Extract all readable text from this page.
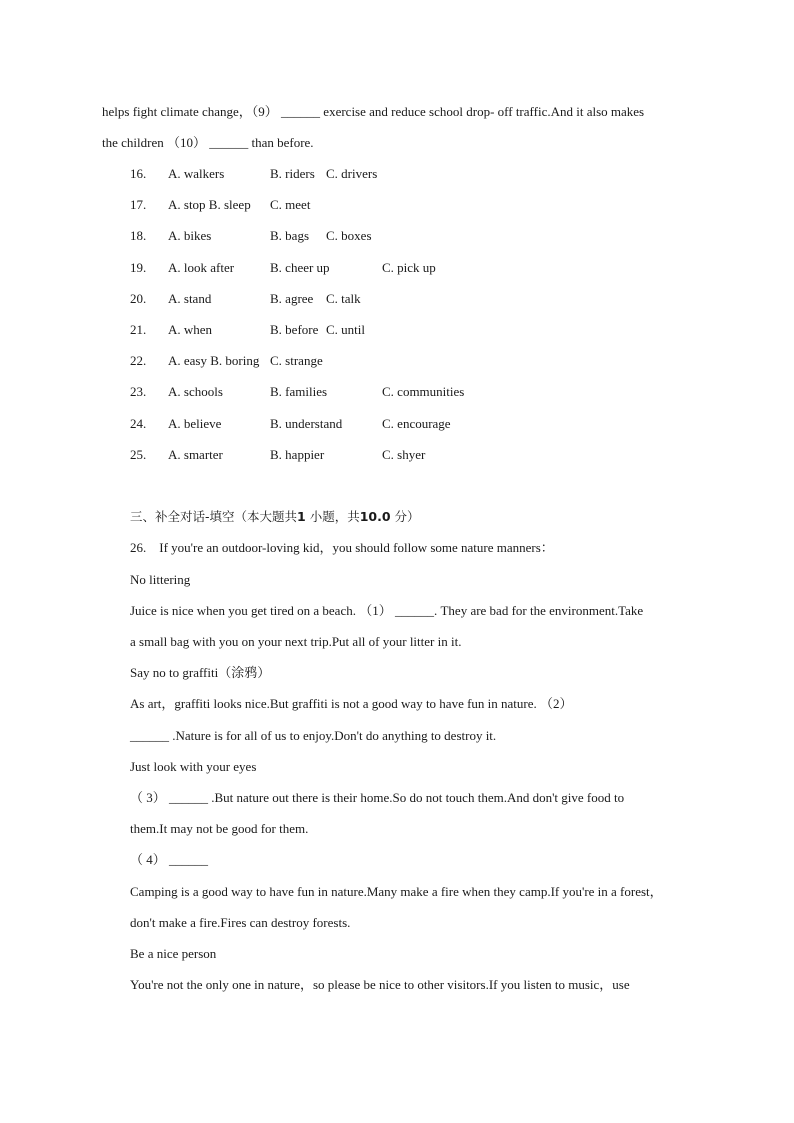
helps fight climate change，（9） ______ exercise and reduce school drop- off traffic.And it also makes
the children （10） ______ than before.
16. A. walkers	B. riders C. drivers
17. A. stop B. sleep C. meet
18. A. bikes	B. bags C. boxes
19. A. look after	B. cheer up	C. pick up
20. A. stand	B. agree C. talk
21. A. when	B. before C. until
22. A. easy B. boring C. strange
23. A. schools	B. families	C. communities
24. A. believe	B. understand	C. encourage
25. A. smarter	B. happier	C. shyer
三、补全对话-填空（本大题共1 小题，共10.0 分）
26. If you're an outdoor-loving kid，you should follow some nature manners：
No littering
Juice is nice when you get tired on a beach. （1） ______. They are bad for the environment.Take
a small bag with you on your next trip.Put all of your litter in it.
Say no to graffiti（涂鸦）
As art，graffiti looks nice.But graffiti is not a good way to have fun in nature. （2）
______ .Nature is for all of us to enjoy.Don't do anything to destroy it.
Just look with your eyes
（ 3） ______ .But nature out there is their home.So do not touch them.And don't give food to
them.It may not be good for them.
（ 4） ______
Camping is a good way to have fun in nature.Many make a fire when they camp.If you're in a forest，
don't make a fire.Fires can destroy forests.
Be a nice person
You're not the only one in nature，so please be nice to other visitors.If you listen to music，use
